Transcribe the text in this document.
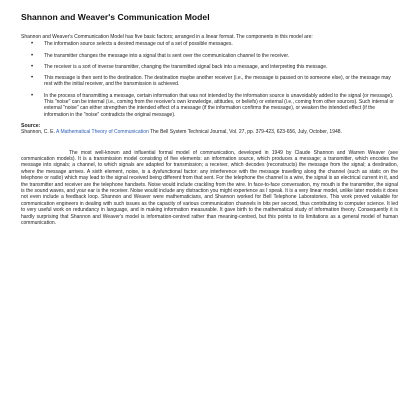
Shannon and Weaver's Communication Model

Shannon and Weaver's Communication Model has five basic factors; arranged in a linear format. The components in this model are:

• The information source selects a desired message out of a set of possible messages.
• The transmitter changes the message into a signal that is sent over the communication channel to the receiver.
• The receiver is a sort of inverse transmitter, changing the transmitted signal back into a message, and interpreting this message.
• This message is then sent to the destination. The destination maybe another receiver (i.e., the message is passed on to someone else), or the message may rest with the initial receiver, and the transmission is achieved.
• In the process of transmitting a message, certain information that was not intended by the information source is unavoidably added to the signal (or message). This "noise" can be internal (i.e., coming from the receiver's own knowledge, attitudes, or beliefs) or external (i.e., coming from other sources). Such internal or external "noise" can either strengthen the intended effect of a message (if the information confirms the message), or weaken the intended effect (if the information in the "noise" contradicts the original message).
Source:

Shannon, C. E. A Mathematical Theory of Communication The Bell System Technical Journal, Vol. 27, pp. 379-423, 623-656, July, October, 1948.

The most well-known and influential formal model of communication, developed in 1949 by Claude Shannon and Warren Weaver (see communication models). It is a transmission model consisting of five elements: an information source, which produces a message; a transmitter, which encodes the message into signals; a channel, to which signals are adapted for transmission; a receiver, which decodes (reconstructs) the message from the signal; a destination, where the message arrives. A sixth element, noise, is a dysfunctional factor: any interference with the message travelling along the channel (such as static on the telephone or radio) which may lead to the signal received being different from that sent. For the telephone the channel is a wire, the signal is an electrical current in it, and the transmitter and receiver are the telephone handsets. Noise would include crackling from the wire. In face-to-face conversation, my mouth is the transmitter, the signal is the sound waves, and your ear is the receiver. Noise would include any distraction you might experience as I speak. It is a very linear model, unlike later models it does not even include a feedback loop. Shannon and Weaver were mathematicians, and Shannon worked for Bell Telephone Laboratories. This work proved valuable for communication engineers in dealing with such issues as the capacity of various communication channels in bits per second, thus contributing to computer science. It led to very useful work on redundancy in language, and in making information measurable. It gave birth to the mathematical study of information theory. Consequently it is hardly surprising that Shannon and Weaver's model is information-centred rather than meaning-centred, but this points to its limitations as a general model of human communication.
